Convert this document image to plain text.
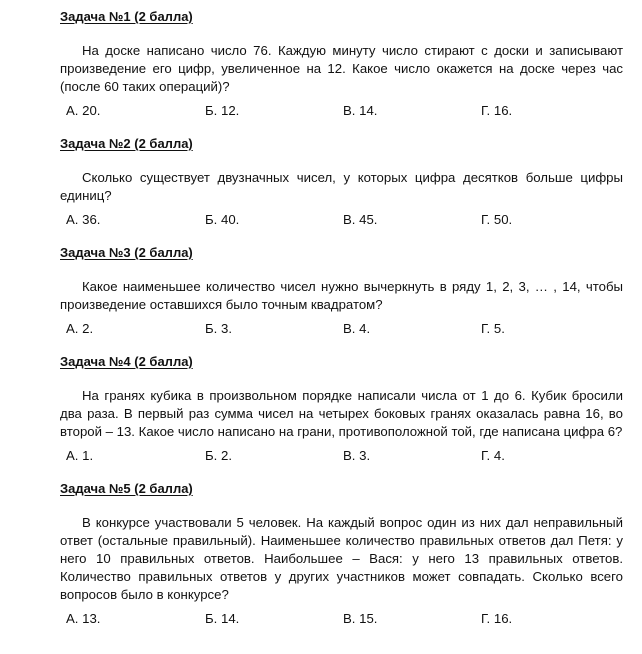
Задача №1 (2 балла)

На доске написано число 76. Каждую минуту число стирают с доски и записывают произведение его цифр, увеличенное на 12. Какое число окажется на доске через час (после 60 таких операций)?

А. 20.	Б. 12.	В. 14.	Г. 16.
Задача №2 (2 балла)

Сколько существует двузначных чисел, у которых цифра десятков больше цифры единиц?

А. 36.	Б. 40.	В. 45.	Г. 50.
Задача №3 (2 балла)

Какое наименьшее количество чисел нужно вычеркнуть в ряду 1, 2, 3, … , 14, чтобы произведение оставшихся было точным квадратом?

А. 2.	Б. 3.	В. 4.	Г. 5.
Задача №4 (2 балла)

На гранях кубика в произвольном порядке написали числа от 1 до 6. Кубик бросили два раза. В первый раз сумма чисел на четырех боковых гранях оказалась равна 16, во второй – 13. Какое число написано на грани, противоположной той, где написана цифра 6?

А. 1.	Б. 2.	В. 3.	Г. 4.
Задача №5 (2 балла)

В конкурсе участвовали 5 человек. На каждый вопрос один из них дал неправильный ответ (остальные правильный). Наименьшее количество правильных ответов дал Петя: у него 10 правильных ответов. Наибольшее – Вася: у него 13 правильных ответов. Количество правильных ответов у других участников может совпадать. Сколько всего вопросов было в конкурсе?

А. 13.	Б. 14.	В. 15.	Г. 16.
